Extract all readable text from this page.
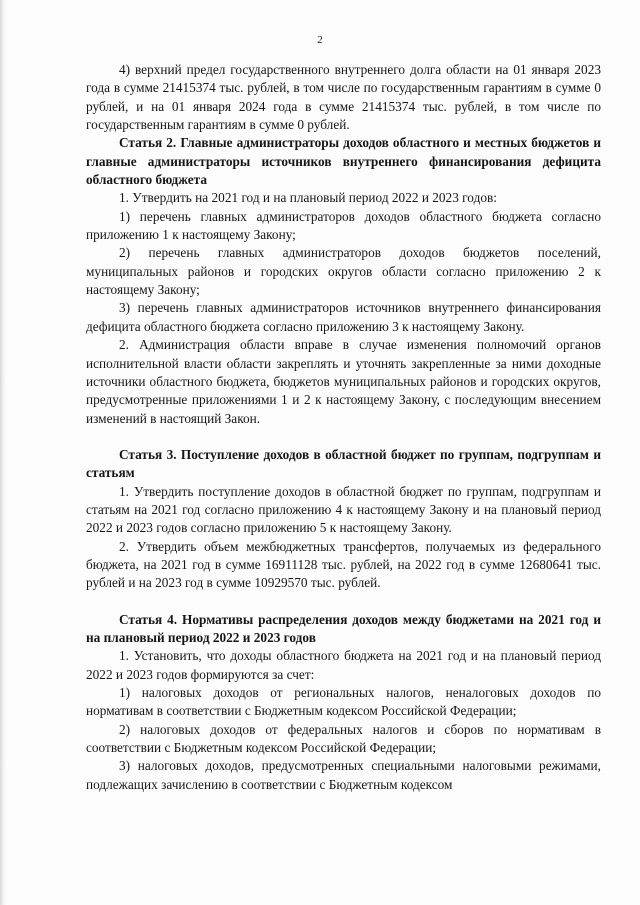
2

4) верхний предел государственного внутреннего долга области на 01 января 2023 года в сумме 21415374 тыс. рублей, в том числе по государственным гарантиям в сумме 0 рублей, и на 01 января 2024 года в сумме 21415374 тыс. рублей, в том числе по государственным гарантиям в сумме 0 рублей.

Статья 2. Главные администраторы доходов областного и местных бюджетов и главные администраторы источников внутреннего финансирования дефицита областного бюджета

1. Утвердить на 2021 год и на плановый период 2022 и 2023 годов:

1) перечень главных администраторов доходов областного бюджета согласно приложению 1 к настоящему Закону;

2) перечень главных администраторов доходов бюджетов поселений, муниципальных районов и городских округов области согласно приложению 2 к настоящему Закону;

3) перечень главных администраторов источников внутреннего финансирования дефицита областного бюджета согласно приложению 3 к настоящему Закону.

2. Администрация области вправе в случае изменения полномочий органов исполнительной власти области закреплять и уточнять закрепленные за ними доходные источники областного бюджета, бюджетов муниципальных районов и городских округов, предусмотренные приложениями 1 и 2 к настоящему Закону, с последующим внесением изменений в настоящий Закон.

Статья 3. Поступление доходов в областной бюджет по группам, подгруппам и статьям

1. Утвердить поступление доходов в областной бюджет по группам, подгруппам и статьям на 2021 год согласно приложению 4 к настоящему Закону и на плановый период 2022 и 2023 годов согласно приложению 5 к настоящему Закону.

2. Утвердить объем межбюджетных трансфертов, получаемых из федерального бюджета, на 2021 год в сумме 16911128 тыс. рублей, на 2022 год в сумме 12680641 тыс. рублей и на 2023 год в сумме 10929570 тыс. рублей.

Статья 4. Нормативы распределения доходов между бюджетами на 2021 год и на плановый период 2022 и 2023 годов

1. Установить, что доходы областного бюджета на 2021 год и на плановый период 2022 и 2023 годов формируются за счет:

1) налоговых доходов от региональных налогов, неналоговых доходов по нормативам в соответствии с Бюджетным кодексом Российской Федерации;

2) налоговых доходов от федеральных налогов и сборов по нормативам в соответствии с Бюджетным кодексом Российской Федерации;

3) налоговых доходов, предусмотренных специальными налоговыми режимами, подлежащих зачислению в соответствии с Бюджетным кодексом
